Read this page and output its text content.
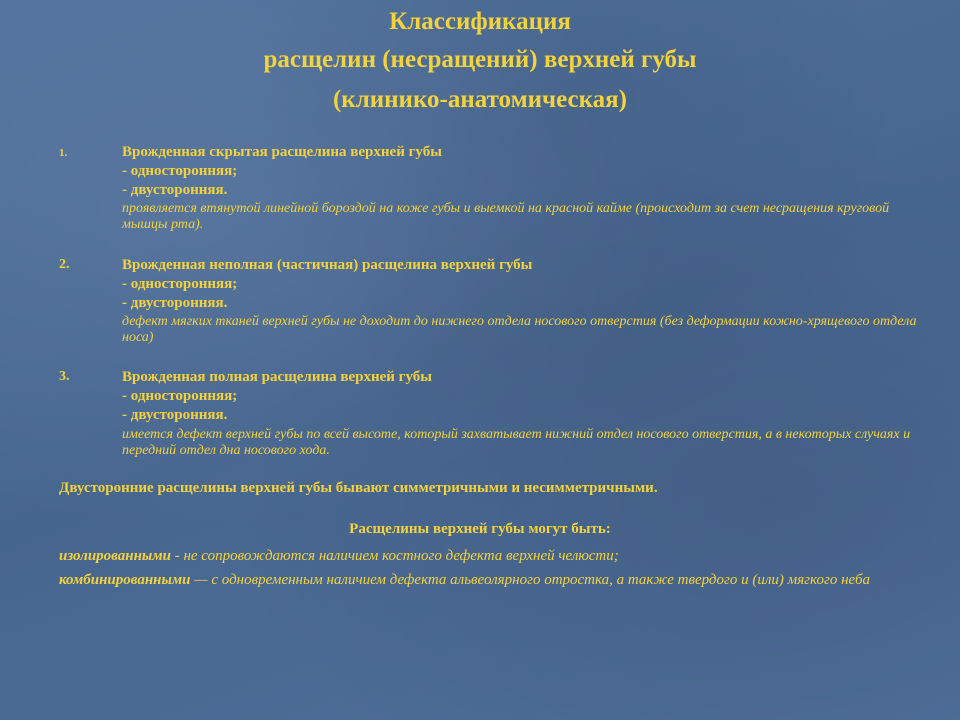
Классификация
расщелин (несращений) верхней губы
(клинико-анатомическая)
1.	Врожденная скрытая расщелина верхней губы
- односторонняя;
- двусторонняя.
проявляется втянутой линейной бороздой на коже губы и выемкой на красной кайме (происходит за счет несращения круговой мышцы рта).
2.	Врожденная неполная (частичная) расщелина верхней губы
- односторонняя;
- двусторонняя.
дефект мягких тканей верхней губы не доходит до нижнего отдела носового отверстия (без деформации кожно-хрящевого отдела носа)
3.	Врожденная полная расщелина верхней губы
- односторонняя;
- двусторонняя.
имеется дефект верхней губы по всей высоте, который захватывает нижний отдел носового отверстия, а в некоторых случаях и передний отдел дна носового хода.
Двусторонние расщелины верхней губы бывают симметричными и несимметричными.
Расщелины верхней губы могут быть:
изолированными - не сопровождаются наличием костного дефекта верхней челюсти;
комбинированными — с одновременным наличием дефекта альвеолярного отростка, а также твердого и (или) мягкого неба
